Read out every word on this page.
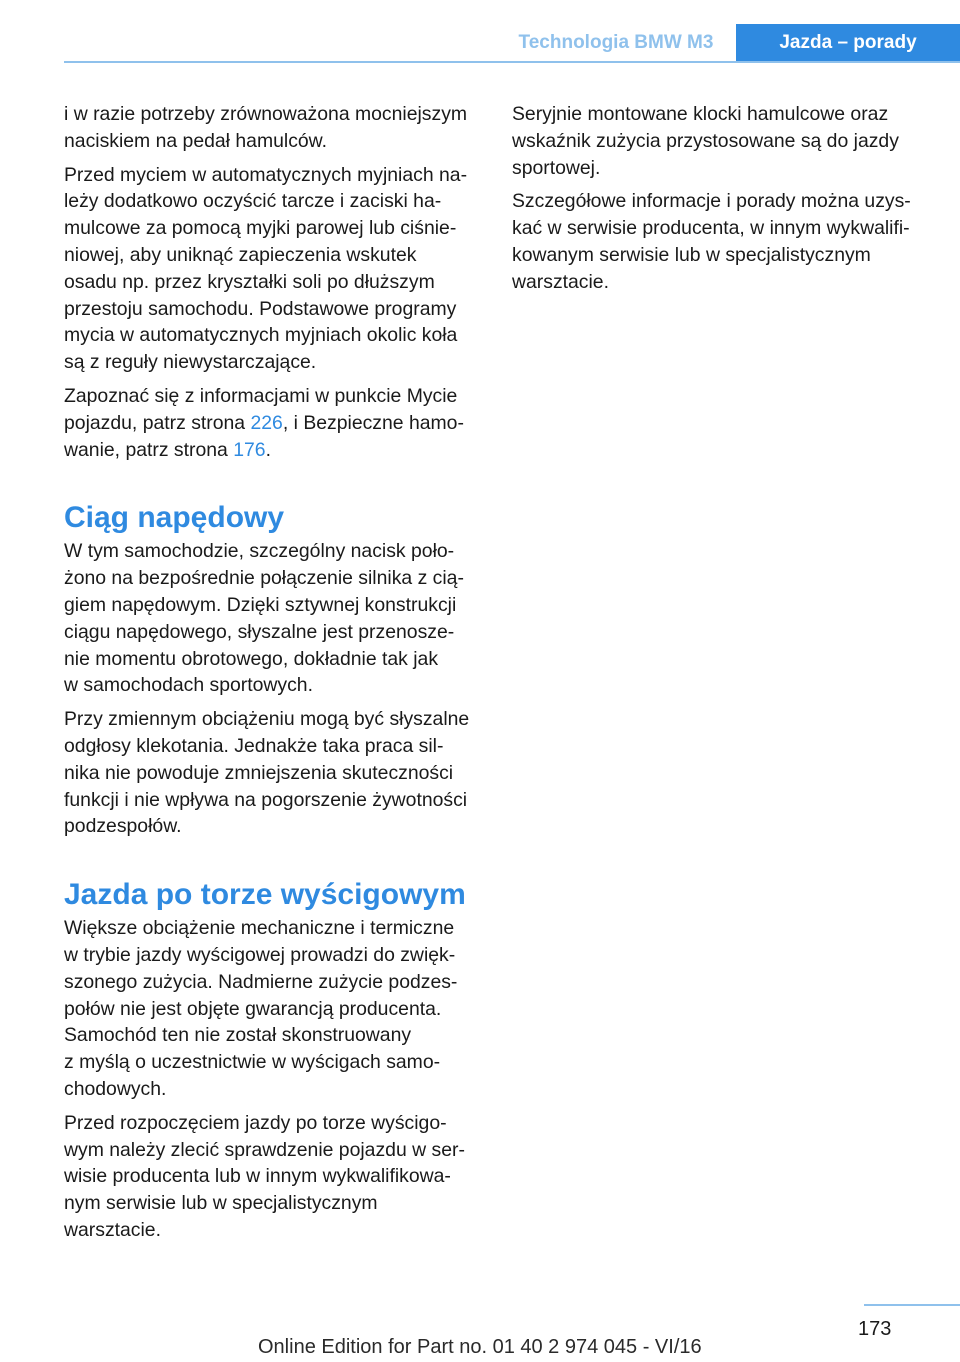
Technologia BMW M3	Jazda – porady

i w razie potrzeby zrównoważona mocniejszym
naciskiem na pedał hamulców.

Przed myciem w automatycznych myjniach na‐
leży dodatkowo oczyścić tarcze i zaciski ha‐
mulcowe za pomocą myjki parowej lub ciśnie‐
niowej, aby uniknąć zapieczenia wskutek
osadu np. przez kryształki soli po dłuższym
przestoju samochodu. Podstawowe programy
mycia w automatycznych myjniach okolic koła
są z reguły niewystarczające.

Zapoznać się z informacjami w punkcie Mycie
pojazdu, patrz strona 226, i Bezpieczne hamo‐
wanie, patrz strona 176.

Ciąg napędowy

W tym samochodzie, szczególny nacisk poło‐
żono na bezpośrednie połączenie silnika z cią‐
giem napędowym. Dzięki sztywnej konstrukcji
ciągu napędowego, słyszalne jest przenosze‐
nie momentu obrotowego, dokładnie tak jak
w samochodach sportowych.

Przy zmiennym obciążeniu mogą być słyszalne
odgłosy klekotania. Jednakże taka praca sil‐
nika nie powoduje zmniejszenia skuteczności
funkcji i nie wpływa na pogorszenie żywotności
podzespołów.

Jazda po torze wyścigowym

Większe obciążenie mechaniczne i termiczne
w trybie jazdy wyścigowej prowadzi do zwięk‐
szonego zużycia. Nadmierne zużycie podzes‐
połów nie jest objęte gwarancją producenta.
Samochód ten nie został skonstruowany
z myślą o uczestnictwie w wyścigach samo‐
chodowych.

Przed rozpoczęciem jazdy po torze wyścigo‐
wym należy zlecić sprawdzenie pojazdu w ser‐
wisie producenta lub w innym wykwalifikowa‐
nym serwisie lub w specjalistycznym
warsztacie.

Seryjnie montowane klocki hamulcowe oraz
wskaźnik zużycia przystosowane są do jazdy
sportowej.

Szczegółowe informacje i porady można uzys‐
kać w serwisie producenta, w innym wykwalifi‐
kowanym serwisie lub w specjalistycznym
warsztacie.

173
Online Edition for Part no. 01 40 2 974 045 - VI/16
